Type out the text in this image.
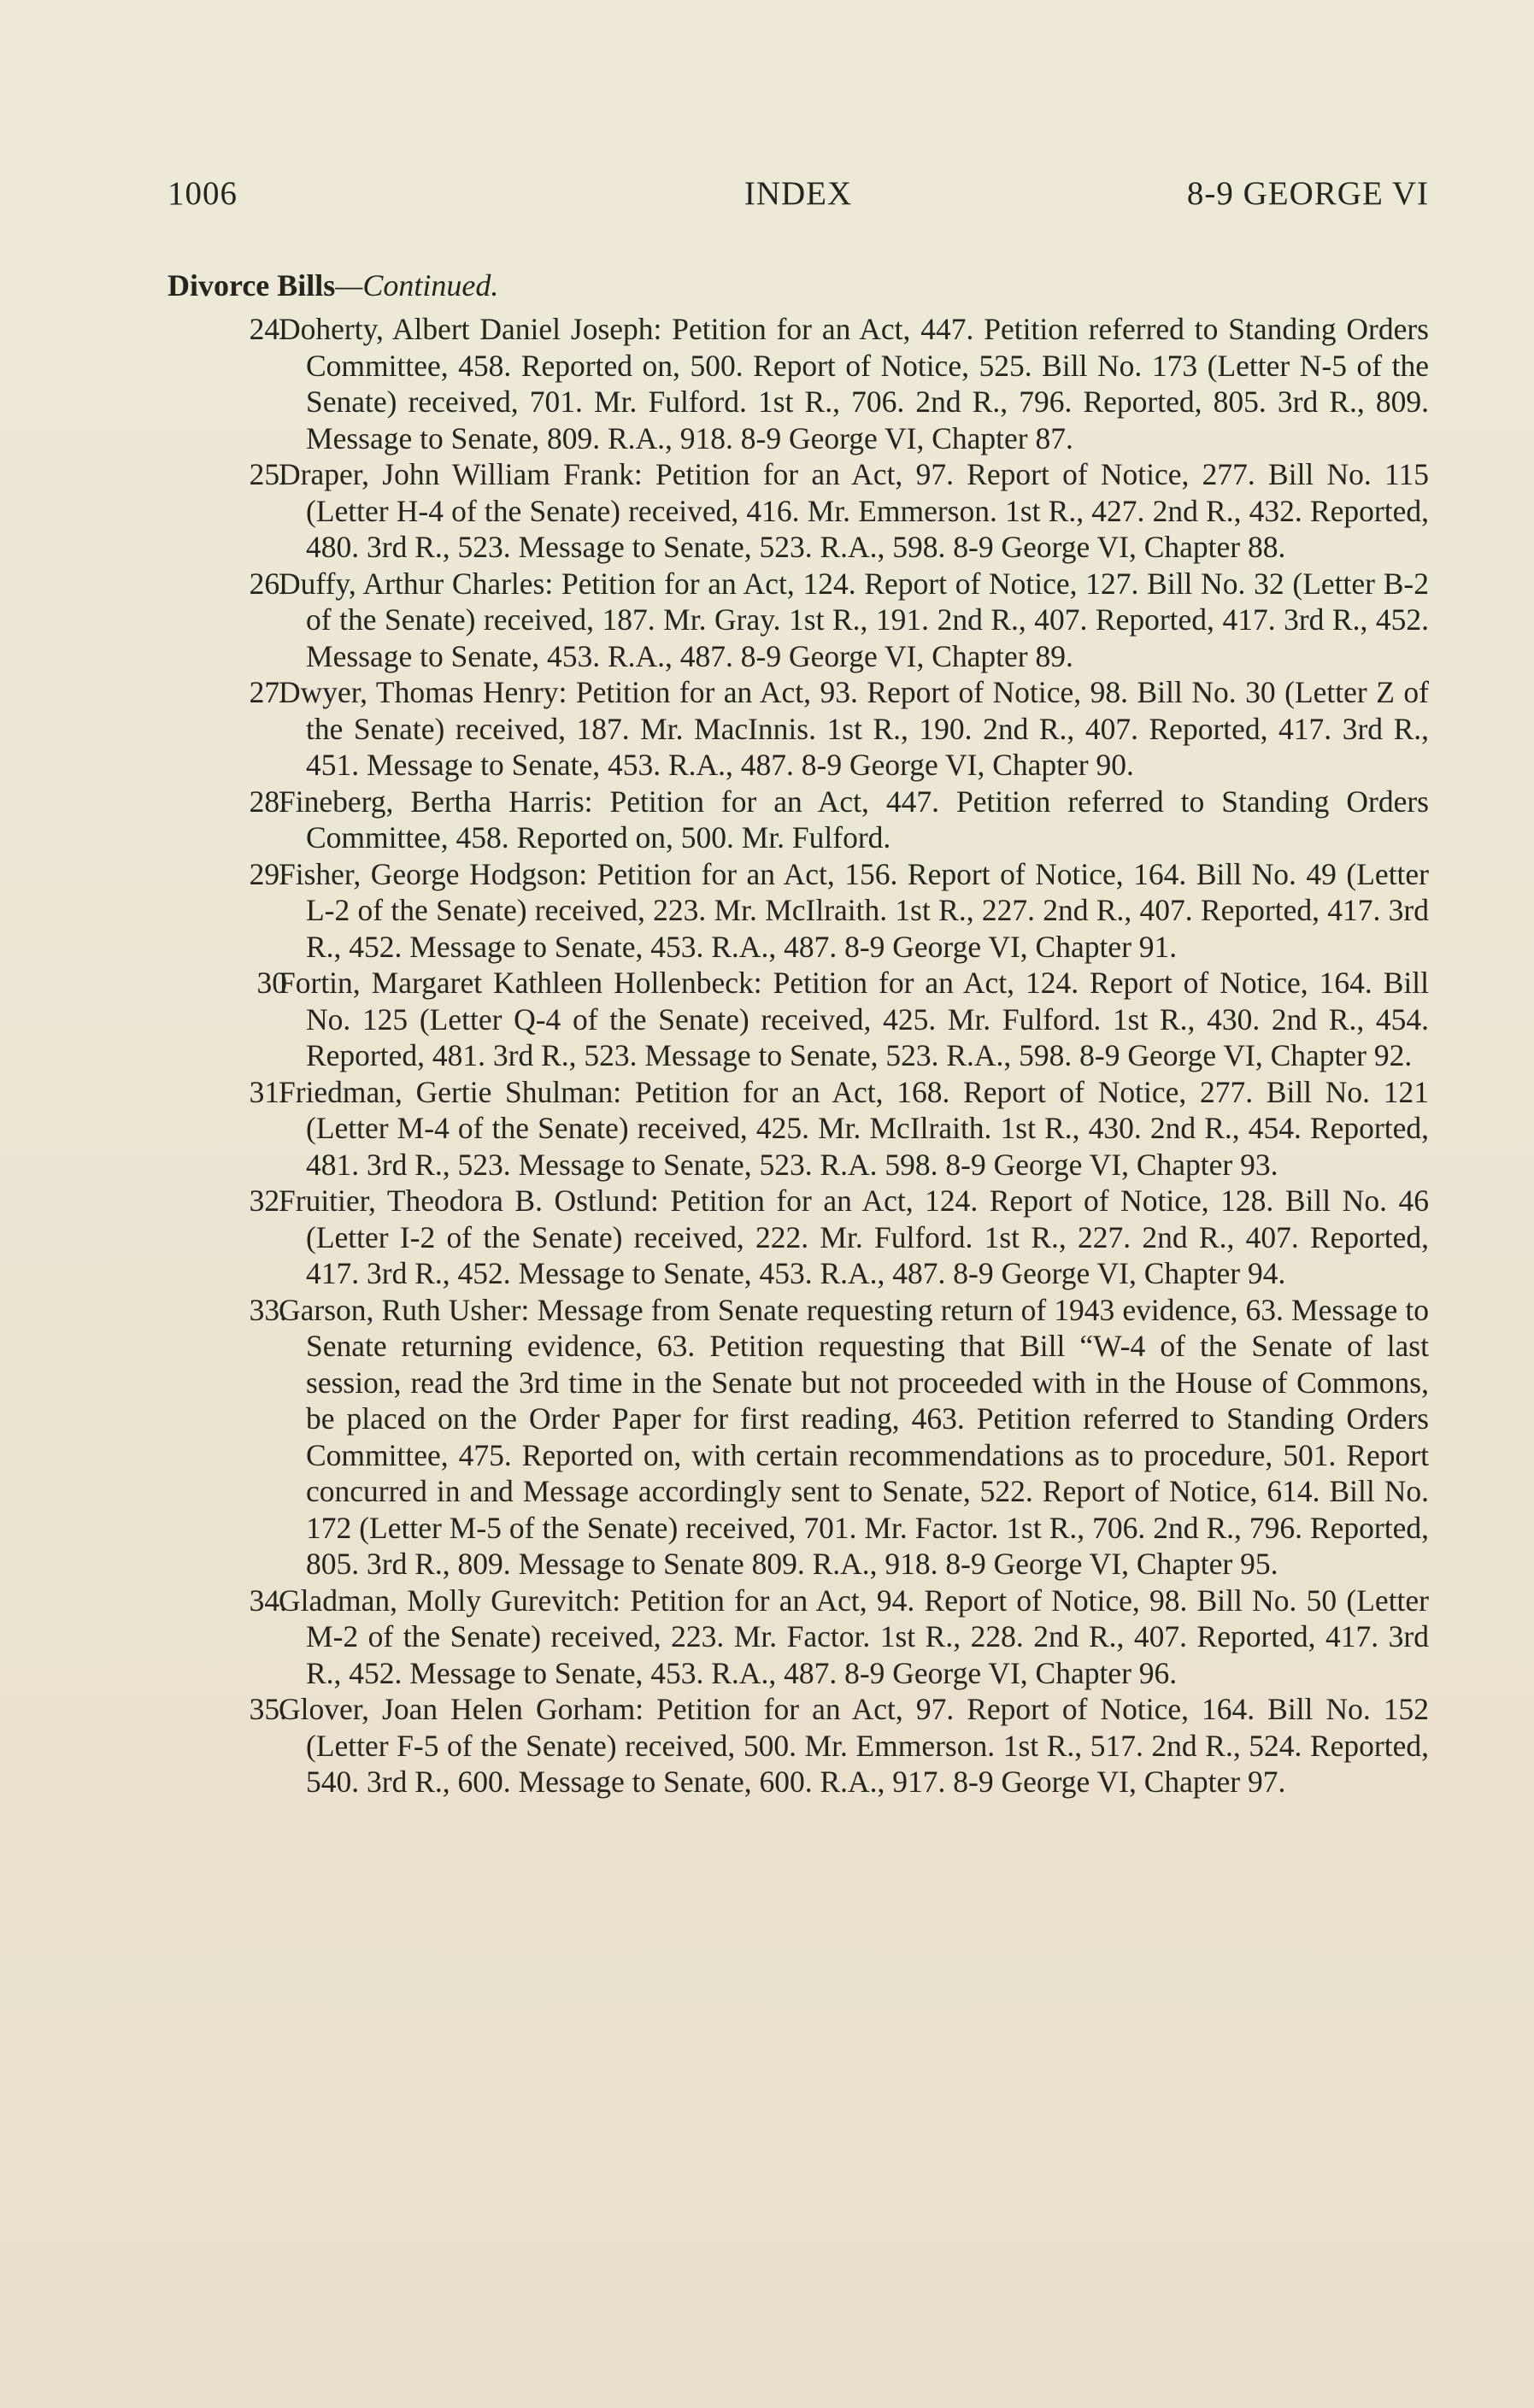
1006	INDEX	8-9 GEORGE VI
Divorce Bills—Continued.
24.
Doherty, Albert Daniel Joseph: Petition for an Act, 447. Petition referred to Standing Orders Committee, 458. Reported on, 500. Report of Notice, 525. Bill No. 173 (Letter N-5 of the Senate) received, 701. Mr. Fulford. 1st R., 706. 2nd R., 796. Reported, 805. 3rd R., 809. Message to Senate, 809. R.A., 918. 8-9 George VI, Chapter 87.
25.
Draper, John William Frank: Petition for an Act, 97. Report of Notice, 277. Bill No. 115 (Letter H-4 of the Senate) received, 416. Mr. Emmerson. 1st R., 427. 2nd R., 432. Reported, 480. 3rd R., 523. Message to Senate, 523. R.A., 598. 8-9 George VI, Chapter 88.
26.
Duffy, Arthur Charles: Petition for an Act, 124. Report of Notice, 127. Bill No. 32 (Letter B-2 of the Senate) received, 187. Mr. Gray. 1st R., 191. 2nd R., 407. Reported, 417. 3rd R., 452. Message to Senate, 453. R.A., 487. 8-9 George VI, Chapter 89.
27.
Dwyer, Thomas Henry: Petition for an Act, 93. Report of Notice, 98. Bill No. 30 (Letter Z of the Senate) received, 187. Mr. MacInnis. 1st R., 190. 2nd R., 407. Reported, 417. 3rd R., 451. Message to Senate, 453. R.A., 487. 8-9 George VI, Chapter 90.
28.
Fineberg, Bertha Harris: Petition for an Act, 447. Petition referred to Standing Orders Committee, 458. Reported on, 500. Mr. Fulford.
29.
Fisher, George Hodgson: Petition for an Act, 156. Report of Notice, 164. Bill No. 49 (Letter L-2 of the Senate) received, 223. Mr. McIlraith. 1st R., 227. 2nd R., 407. Reported, 417. 3rd R., 452. Message to Senate, 453. R.A., 487. 8-9 George VI, Chapter 91.
30
Fortin, Margaret Kathleen Hollenbeck: Petition for an Act, 124. Report of Notice, 164. Bill No. 125 (Letter Q-4 of the Senate) received, 425. Mr. Fulford. 1st R., 430. 2nd R., 454. Reported, 481. 3rd R., 523. Message to Senate, 523. R.A., 598. 8-9 George VI, Chapter 92.
31.
Friedman, Gertie Shulman: Petition for an Act, 168. Report of Notice, 277. Bill No. 121 (Letter M-4 of the Senate) received, 425. Mr. McIlraith. 1st R., 430. 2nd R., 454. Reported, 481. 3rd R., 523. Message to Senate, 523. R.A. 598. 8-9 George VI, Chapter 93.
32.
Fruitier, Theodora B. Ostlund: Petition for an Act, 124. Report of Notice, 128. Bill No. 46 (Letter I-2 of the Senate) received, 222. Mr. Fulford. 1st R., 227. 2nd R., 407. Reported, 417. 3rd R., 452. Message to Senate, 453. R.A., 487. 8-9 George VI, Chapter 94.
33.
Garson, Ruth Usher: Message from Senate requesting return of 1943 evidence, 63. Message to Senate returning evidence, 63. Petition requesting that Bill “W-4 of the Senate of last session, read the 3rd time in the Senate but not proceeded with in the House of Commons, be placed on the Order Paper for first reading, 463. Petition referred to Standing Orders Committee, 475. Reported on, with certain recommendations as to procedure, 501. Report concurred in and Message accordingly sent to Senate, 522. Report of Notice, 614. Bill No. 172 (Letter M-5 of the Senate) received, 701. Mr. Factor. 1st R., 706. 2nd R., 796. Reported, 805. 3rd R., 809. Message to Senate 809. R.A., 918. 8-9 George VI, Chapter 95.
34.
Gladman, Molly Gurevitch: Petition for an Act, 94. Report of Notice, 98. Bill No. 50 (Letter M-2 of the Senate) received, 223. Mr. Factor. 1st R., 228. 2nd R., 407. Reported, 417. 3rd R., 452. Message to Senate, 453. R.A., 487. 8-9 George VI, Chapter 96.
35.
Glover, Joan Helen Gorham: Petition for an Act, 97. Report of Notice, 164. Bill No. 152 (Letter F-5 of the Senate) received, 500. Mr. Emmerson. 1st R., 517. 2nd R., 524. Reported, 540. 3rd R., 600. Message to Senate, 600. R.A., 917. 8-9 George VI, Chapter 97.
